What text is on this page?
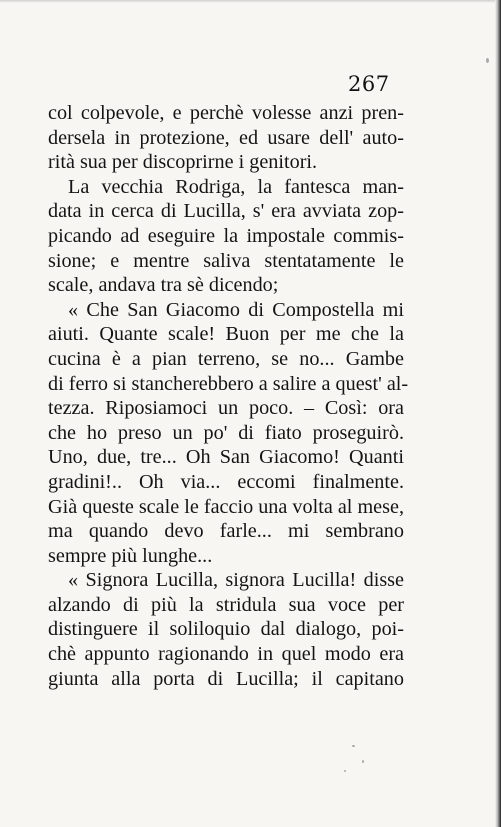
267
col colpevole, e perchè volesse anzi pren-
dersela in protezione, ed usare dell' auto-
rità sua per discoprirne i genitori.
La vecchia Rodriga, la fantesca man-
data in cerca di Lucilla, s' era avviata zop-
picando ad eseguire la impostale commis-
sione; e mentre saliva stentatamente le
scale, andava tra sè dicendo;
« Che San Giacomo di Compostella mi
aiuti. Quante scale! Buon per me che la
cucina è a pian terreno, se no... Gambe
di ferro si stancherebbero a salire a quest' al-
tezza. Riposiamoci un poco. – Così: ora
che ho preso un po' di fiato proseguirò.
Uno, due, tre... Oh San Giacomo! Quanti
gradini!.. Oh via... eccomi finalmente.
Già queste scale le faccio una volta al mese,
ma quando devo farle... mi sembrano
sempre più lunghe...
« Signora Lucilla, signora Lucilla! disse
alzando di più la stridula sua voce per
distinguere il soliloquio dal dialogo, poi-
chè appunto ragionando in quel modo era
giunta alla porta di Lucilla; il capitano
